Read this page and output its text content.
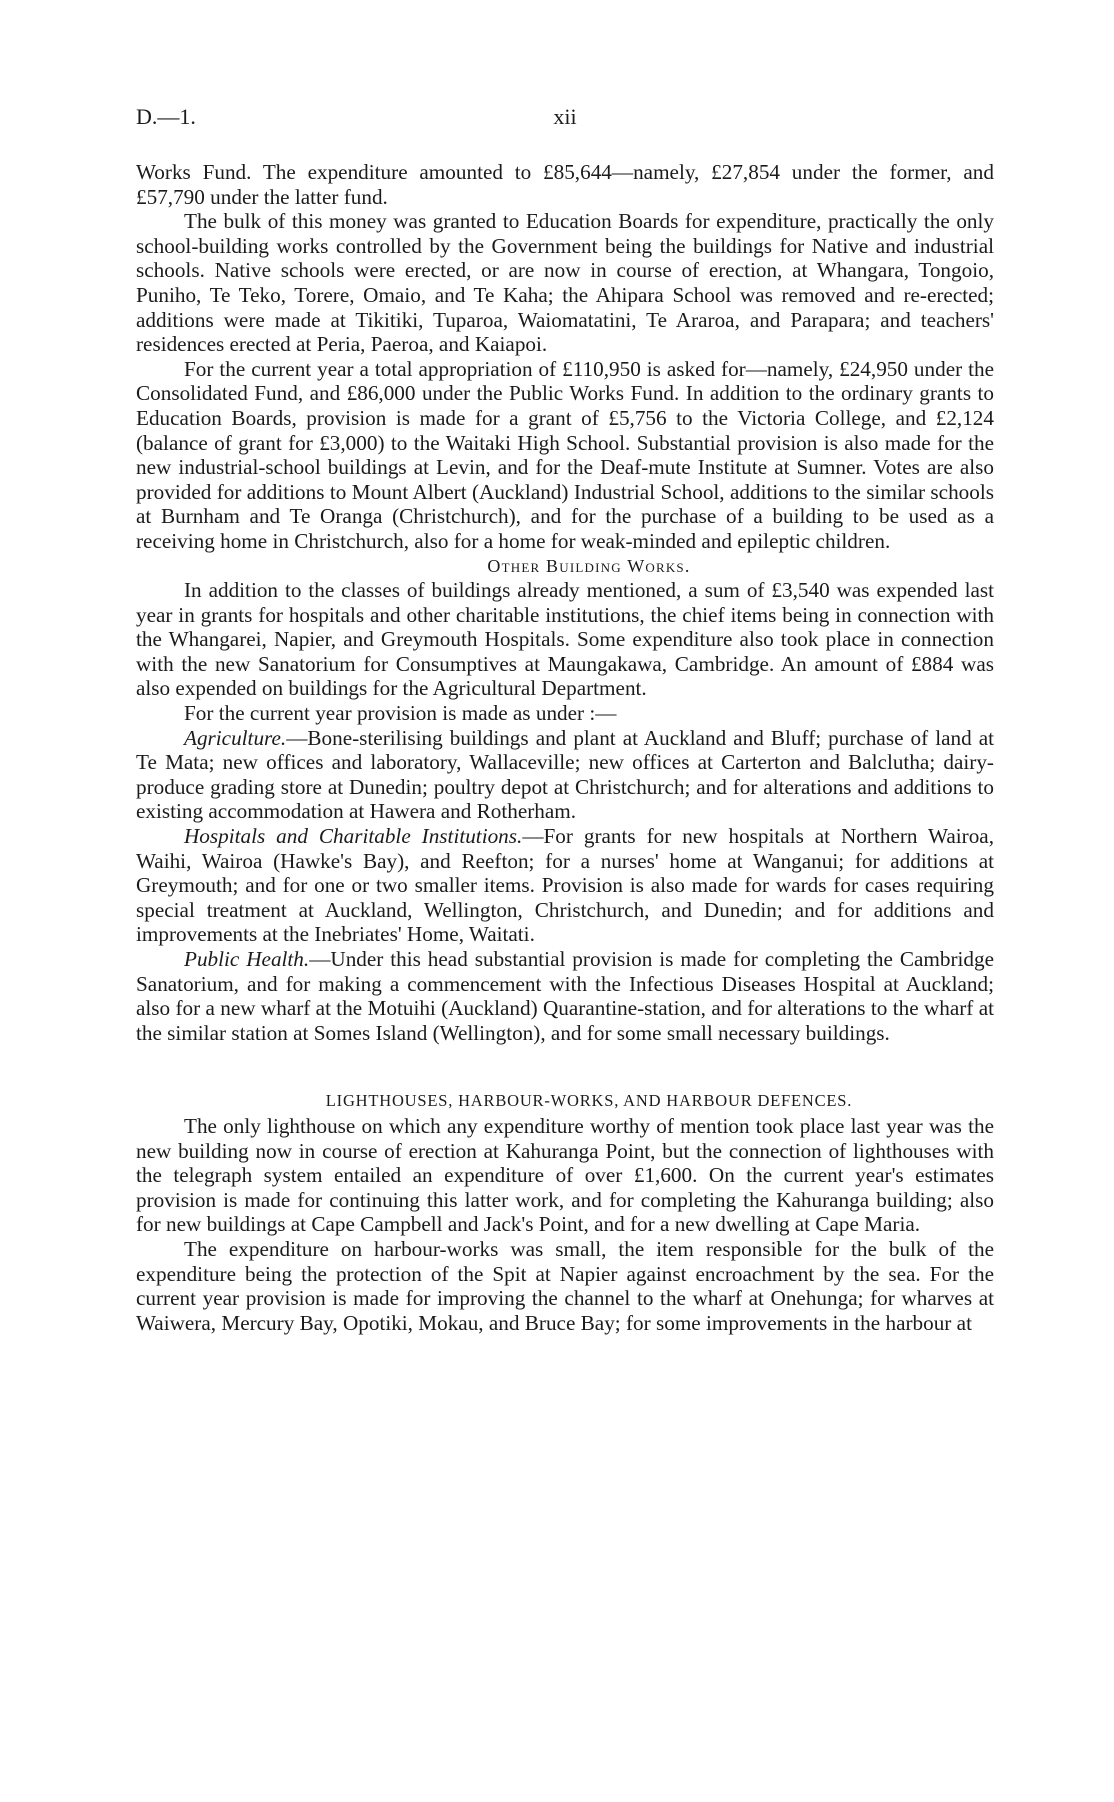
D.—1.	xii

Works Fund. The expenditure amounted to £85,644—namely, £27,854 under the former, and £57,790 under the latter fund.

The bulk of this money was granted to Education Boards for expenditure, practically the only school-building works controlled by the Government being the buildings for Native and industrial schools. Native schools were erected, or are now in course of erection, at Whangara, Tongoio, Puniho, Te Teko, Torere, Omaio, and Te Kaha; the Ahipara School was removed and re-erected; additions were made at Tikitiki, Tuparoa, Waiomatatini, Te Araroa, and Parapara; and teachers' residences erected at Peria, Paeroa, and Kaiapoi.

For the current year a total appropriation of £110,950 is asked for—namely, £24,950 under the Consolidated Fund, and £86,000 under the Public Works Fund. In addition to the ordinary grants to Education Boards, provision is made for a grant of £5,756 to the Victoria College, and £2,124 (balance of grant for £3,000) to the Waitaki High School. Substantial provision is also made for the new industrial-school buildings at Levin, and for the Deaf-mute Institute at Sumner. Votes are also provided for additions to Mount Albert (Auckland) Industrial School, additions to the similar schools at Burnham and Te Oranga (Christchurch), and for the purchase of a building to be used as a receiving home in Christchurch, also for a home for weak-minded and epileptic children.

Other Building Works.

In addition to the classes of buildings already mentioned, a sum of £3,540 was expended last year in grants for hospitals and other charitable institutions, the chief items being in connection with the Whangarei, Napier, and Greymouth Hospitals. Some expenditure also took place in connection with the new Sanatorium for Consumptives at Maungakawa, Cambridge. An amount of £884 was also expended on buildings for the Agricultural Department.

For the current year provision is made as under :—

Agriculture.—Bone-sterilising buildings and plant at Auckland and Bluff; purchase of land at Te Mata; new offices and laboratory, Wallaceville; new offices at Carterton and Balclutha; dairy-produce grading store at Dunedin; poultry depot at Christchurch; and for alterations and additions to existing accommodation at Hawera and Rotherham.

Hospitals and Charitable Institutions.—For grants for new hospitals at Northern Wairoa, Waihi, Wairoa (Hawke's Bay), and Reefton; for a nurses' home at Wanganui; for additions at Greymouth; and for one or two smaller items. Provision is also made for wards for cases requiring special treatment at Auckland, Wellington, Christchurch, and Dunedin; and for additions and improvements at the Inebriates' Home, Waitati.

Public Health.—Under this head substantial provision is made for completing the Cambridge Sanatorium, and for making a commencement with the Infectious Diseases Hospital at Auckland; also for a new wharf at the Motuihi (Auckland) Quarantine-station, and for alterations to the wharf at the similar station at Somes Island (Wellington), and for some small necessary buildings.

LIGHTHOUSES, HARBOUR-WORKS, AND HARBOUR DEFENCES.

The only lighthouse on which any expenditure worthy of mention took place last year was the new building now in course of erection at Kahuranga Point, but the connection of lighthouses with the telegraph system entailed an expenditure of over £1,600. On the current year's estimates provision is made for continuing this latter work, and for completing the Kahuranga building; also for new buildings at Cape Campbell and Jack's Point, and for a new dwelling at Cape Maria.

The expenditure on harbour-works was small, the item responsible for the bulk of the expenditure being the protection of the Spit at Napier against encroachment by the sea. For the current year provision is made for improving the channel to the wharf at Onehunga; for wharves at Waiwera, Mercury Bay, Opotiki, Mokau, and Bruce Bay; for some improvements in the harbour at
